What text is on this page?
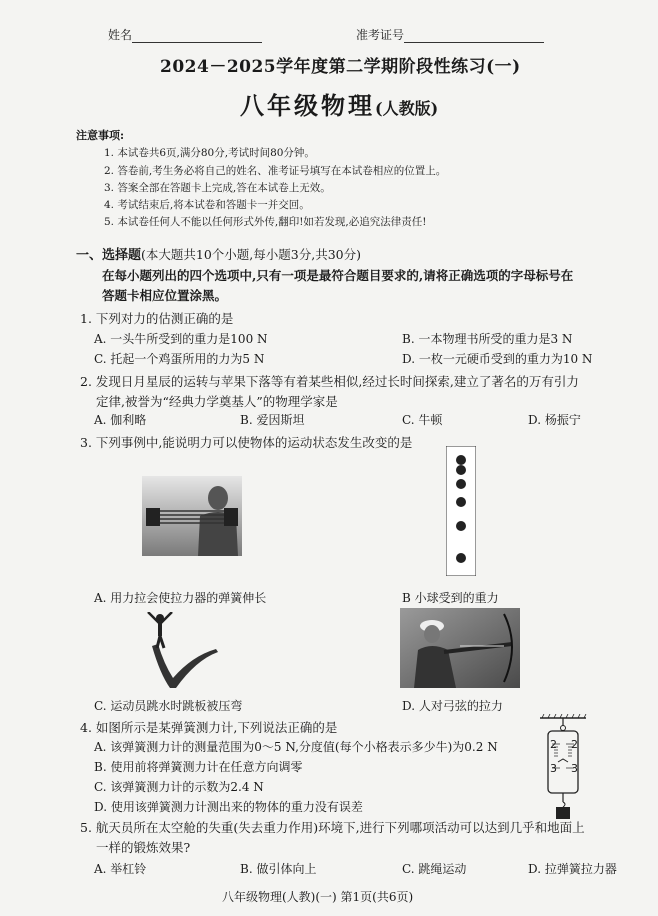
姓名	准考证号
2024－2025学年度第二学期阶段性练习(一)
八年级物理(人教版)
注意事项:
1. 本试卷共6页,满分80分,考试时间80分钟。
2. 答卷前,考生务必将自己的姓名、准考证号填写在本试卷相应的位置上。
3. 答案全部在答题卡上完成,答在本试卷上无效。
4. 考试结束后,将本试卷和答题卡一并交回。
5. 本试卷任何人不能以任何形式外传,翻印!如若发现,必追究法律责任!
一、选择题(本大题共10个小题,每小题3分,共30分)
在每小题列出的四个选项中,只有一项是最符合题目要求的,请将正确选项的字母标号在
答题卡相应位置涂黑。
1. 下列对力的估测正确的是
A. 一头牛所受到的重力是100 N	B. 一本物理书所受的重力是3 N
C. 托起一个鸡蛋所用的力为5 N	D. 一枚一元硬币受到的重力为10 N
2. 发现日月星辰的运转与苹果下落等有着某些相似,经过长时间探索,建立了著名的万有引力
定律,被誉为“经典力学奠基人”的物理学家是
A. 伽利略	B. 爱因斯坦	C. 牛顿	D. 杨振宁
3. 下列事例中,能说明力可以使物体的运动状态发生改变的是
A. 用力拉会使拉力器的弹簧伸长	B 小球受到的重力
C. 运动员跳水时跳板被压弯	D. 人对弓弦的拉力
4. 如图所示是某弹簧测力计,下列说法正确的是
A. 该弹簧测力计的测量范围为0～5 N,分度值(每个小格表示多少牛)为0.2 N
B. 使用前将弹簧测力计在任意方向调零
C. 该弹簧测力计的示数为2.4 N
D. 使用该弹簧测力计测出来的物体的重力没有误差
2 2
3 3
5. 航天员所在太空舱的失重(失去重力作用)环境下,进行下列哪项活动可以达到几乎和地面上
一样的锻炼效果?
A. 举杠铃	B. 做引体向上	C. 跳绳运动	D. 拉弹簧拉力器
八年级物理(人教)(一) 第1页(共6页)
